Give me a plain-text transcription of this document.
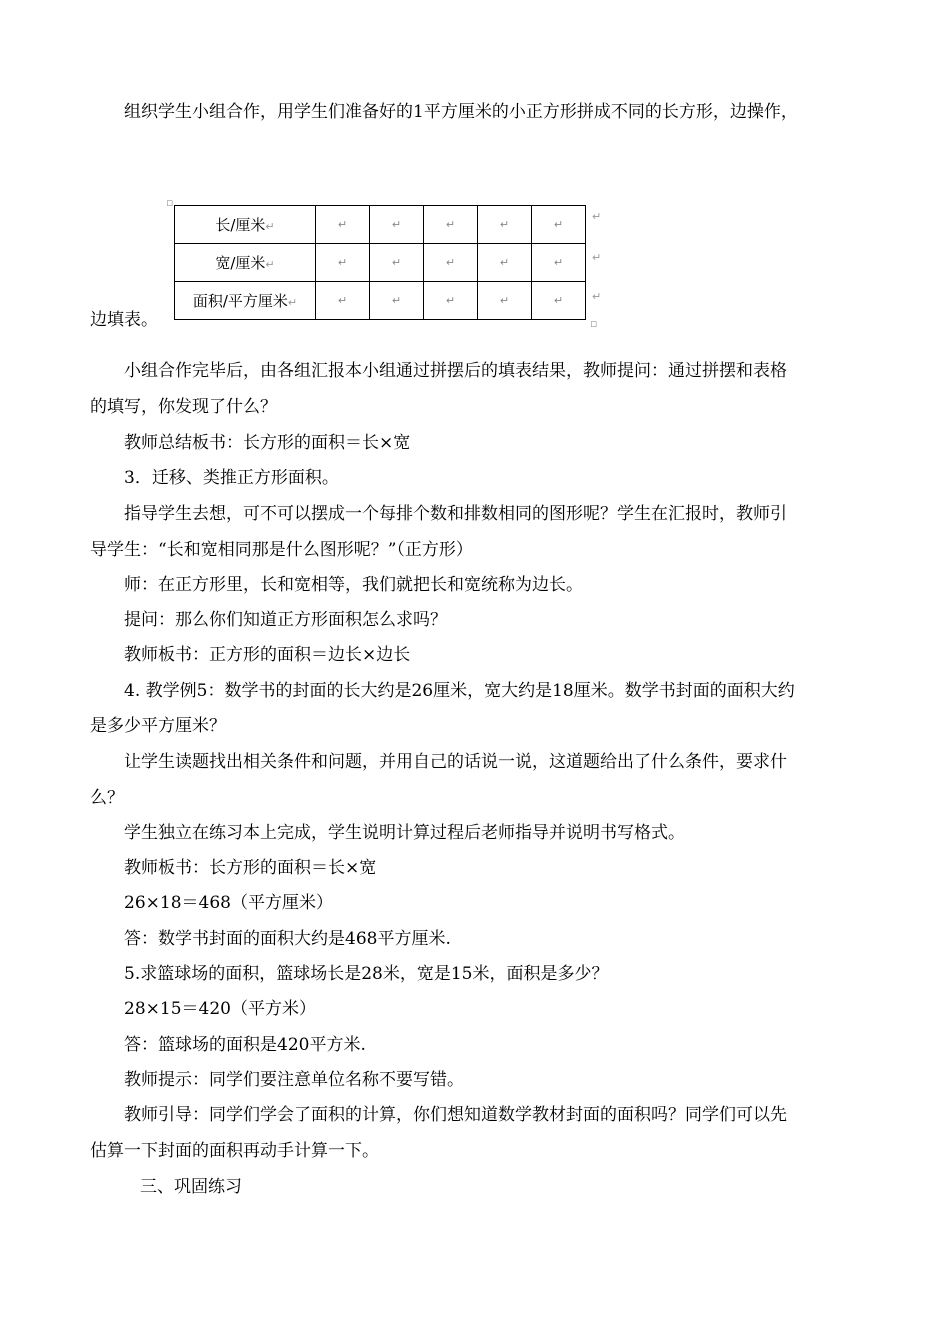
组织学生小组合作，用学生们准备好的1平方厘米的小正方形拼成不同的长方形，边操作，
▫
长/厘米↵	↵	↵	↵	↵	↵
宽/厘米↵	↵	↵	↵	↵	↵
面积/平方厘米↵	↵	↵	↵	↵	↵
↵
↵
↵
▫
边填表。
小组合作完毕后，由各组汇报本小组通过拼摆后的填表结果，教师提问：通过拼摆和表格
的填写，你发现了什么？
教师总结板书：长方形的面积＝长×宽
3．迁移、类推正方形面积。
指导学生去想，可不可以摆成一个每排个数和排数相同的图形呢？学生在汇报时，教师引
导学生：“长和宽相同那是什么图形呢？”（正方形）
师：在正方形里，长和宽相等，我们就把长和宽统称为边长。
提问：那么你们知道正方形面积怎么求吗？
教师板书：正方形的面积＝边长×边长
4. 教学例5：数学书的封面的长大约是26厘米，宽大约是18厘米。数学书封面的面积大约
是多少平方厘米？
让学生读题找出相关条件和问题，并用自己的话说一说，这道题给出了什么条件，要求什
么？
学生独立在练习本上完成，学生说明计算过程后老师指导并说明书写格式。
教师板书：长方形的面积＝长×宽
26×18＝468（平方厘米）
答：数学书封面的面积大约是468平方厘米.
5.求篮球场的面积，篮球场长是28米，宽是15米，面积是多少？
28×15＝420（平方米）
答：篮球场的面积是420平方米.
教师提示：同学们要注意单位名称不要写错。
教师引导：同学们学会了面积的计算，你们想知道数学教材封面的面积吗？同学们可以先
估算一下封面的面积再动手计算一下。
三、巩固练习
